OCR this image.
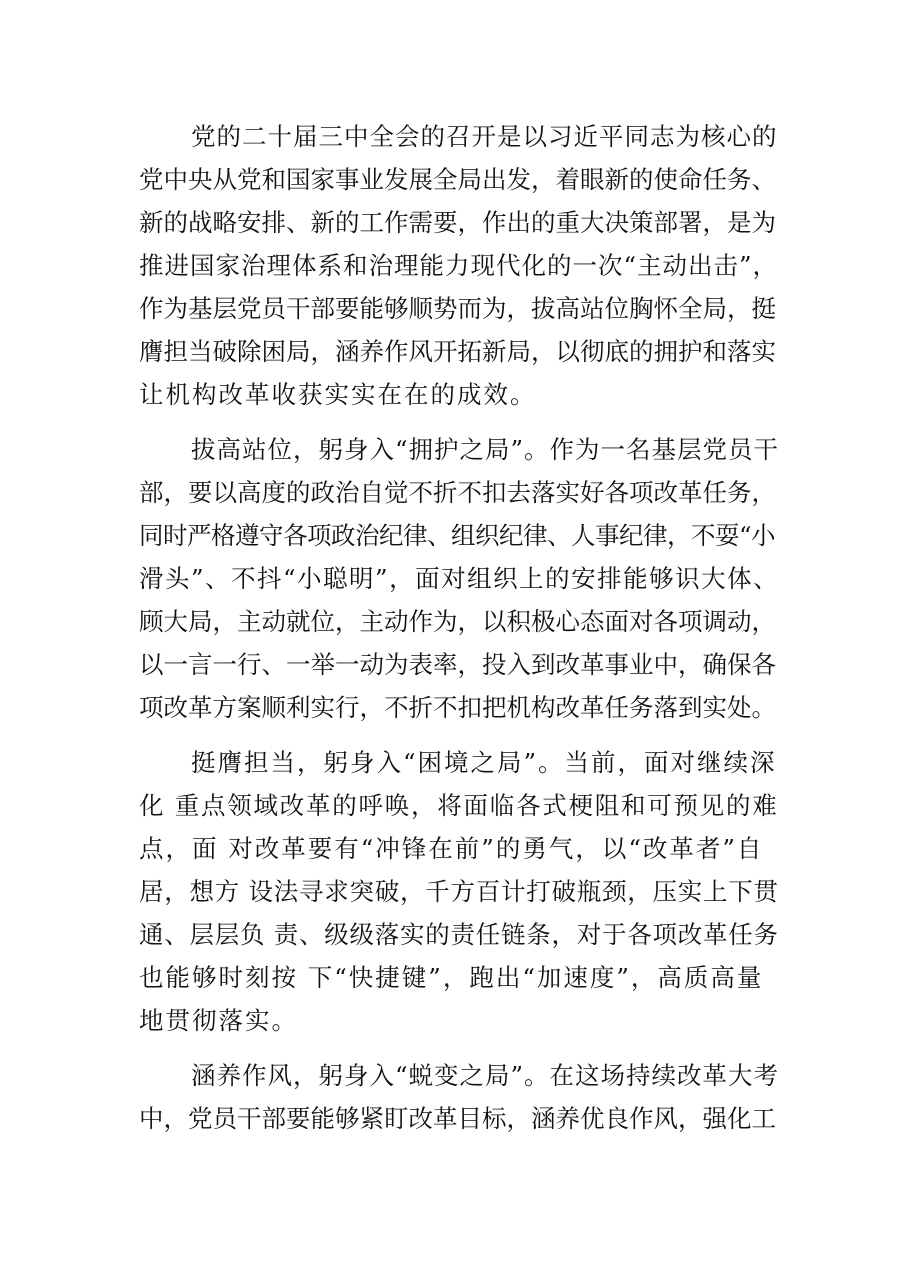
党的二十届三中全会的召开是以习近平同志为核心的
党中央从党和国家事业发展全局出发，着眼新的使命任务、
新的战略安排、新的工作需要，作出的重大决策部署，是为
推进国家治理体系和治理能力现代化的一次“主动出击”，
作为基层党员干部要能够顺势而为，拔高站位胸怀全局，挺
膺担当破除困局，涵养作风开拓新局，以彻底的拥护和落实
让机构改革收获实实在在的成效。

拔高站位，躬身入“拥护之局”。作为一名基层党员干
部，要以高度的政治自觉不折不扣去落实好各项改革任务，
同时严格遵守各项政治纪律、组织纪律、人事纪律，不耍“小
滑头”、不抖“小聪明”，面对组织上的安排能够识大体、
顾大局，主动就位，主动作为，以积极心态面对各项调动，
以一言一行、一举一动为表率，投入到改革事业中，确保各
项改革方案顺利实行，不折不扣把机构改革任务落到实处。

挺膺担当，躬身入“困境之局”。当前，面对继续深
化 重点领域改革的呼唤，将面临各式梗阻和可预见的难
点，面 对改革要有“冲锋在前”的勇气，以“改革者”自
居，想方 设法寻求突破，千方百计打破瓶颈，压实上下贯
通、层层负 责、级级落实的责任链条，对于各项改革任务
也能够时刻按 下“快捷键”，跑出“加速度”，高质高量
地贯彻落实。

涵养作风，躬身入“蜕变之局”。在这场持续改革大考
中，党员干部要能够紧盯改革目标，涵养优良作风，强化工
